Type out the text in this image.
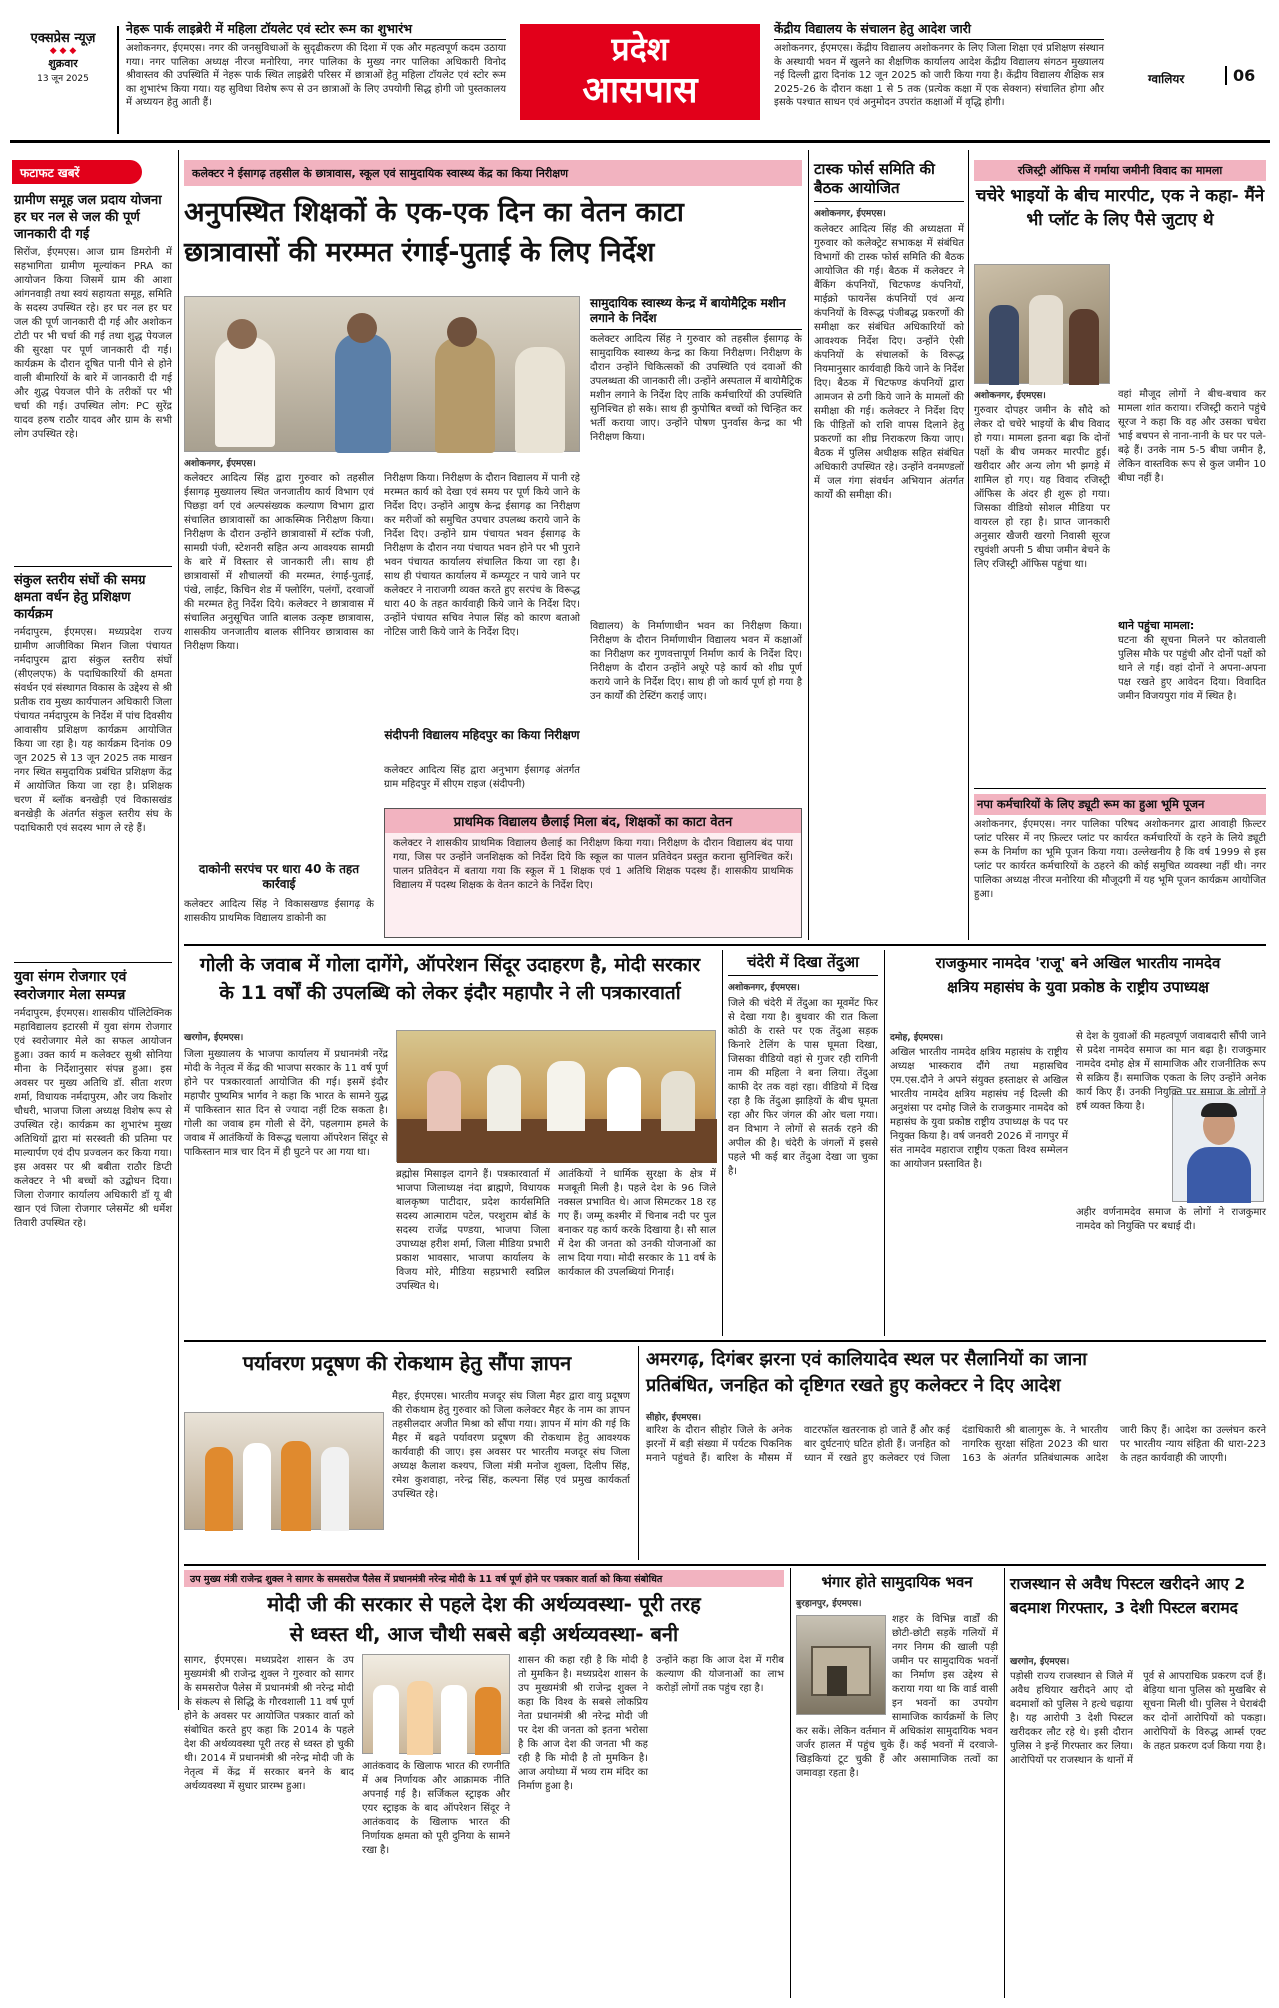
एक्सप्रेस न्यूज़
◆ ◆ ◆
शुक्रवार
13 जून 2025
नेहरू पार्क लाइब्रेरी में महिला टॉयलेट एवं स्टोर रूम का शुभारंभ
अशोकनगर, ईएमएस। नगर की जनसुविधाओं के सुदृढीकरण की दिशा में एक और महत्वपूर्ण कदम उठाया गया। नगर पालिका अध्यक्ष नीरज मनोरिया, नगर पालिका के मुख्य नगर पालिका अधिकारी विनोद श्रीवास्तव की उपस्थिति में नेहरू पार्क स्थित लाइब्रेरी परिसर में छात्राओं हेतु महिला टॉयलेट एवं स्टोर रूम का शुभारंभ किया गया। यह सुविधा विशेष रूप से उन छात्राओं के लिए उपयोगी सिद्ध होगी जो पुस्तकालय में अध्ययन हेतु आती हैं।
प्रदेश
आसपास
केंद्रीय विद्यालय के संचालन हेतु आदेश जारी
अशोकनगर, ईएमएस। केंद्रीय विद्यालय अशोकनगर के लिए जिला शिक्षा एवं प्रशिक्षण संस्थान के अस्थायी भवन में खुलने का शैक्षणिक कार्यालय आदेश केंद्रीय विद्यालय संगठन मुख्यालय नई दिल्ली द्वारा दिनांक 12 जून 2025 को जारी किया गया है। केंद्रीय विद्यालय शैक्षिक सत्र 2025-26 के दौरान कक्षा 1 से 5 तक (प्रत्येक कक्षा में एक सेक्शन) संचालित होगा और इसके पश्चात साधन एवं अनुमोदन उपरांत कक्षाओं में वृद्धि होगी।
ग्वालियर	06
फटाफट खबरें
ग्रामीण समूह जल प्रदाय योजना हर घर नल से जल की पूर्ण जानकारी दी गई
सिरोंज, ईएमएस। आज ग्राम डिमरोनी में सहभागिता ग्रामीण मूल्यांकन PRA का आयोजन किया जिसमें ग्राम की आशा आंगनवाड़ी तथा स्वयं सहायता समूह, समिति के सदस्य उपस्थित रहे। हर घर नल हर घर जल की पूर्ण जानकारी दी गई और अशोकन टोटी पर भी चर्चा की गई तथा शुद्ध पेयजल की सुरक्षा पर पूर्ण जानकारी दी गई। कार्यक्रम के दौरान दूषित पानी पीने से होने वाली बीमारियों के बारे में जानकारी दी गई और शुद्ध पेयजल पीने के तरीकों पर भी चर्चा की गई। उपस्थित लोग: PC सुरेंद्र यादव हरुष राठौर यादव और ग्राम के सभी लोग उपस्थित रहे।
संकुल स्तरीय संघों की समग्र क्षमता वर्धन हेतु प्रशिक्षण कार्यक्रम
नर्मदापुरम, ईएमएस। मध्यप्रदेश राज्य ग्रामीण आजीविका मिशन जिला पंचायत नर्मदापुरम द्वारा संकुल स्तरीय संघों (सीएलएफ) के पदाधिकारियों की क्षमता संवर्धन एवं संस्थागत विकास के उद्देश्य से श्री प्रतीक राव मुख्य कार्यपालन अधिकारी जिला पंचायत नर्मदापुरम के निर्देश में पांच दिवसीय आवासीय प्रशिक्षण कार्यक्रम आयोजित किया जा रहा है। यह कार्यक्रम दिनांक 09 जून 2025 से 13 जून 2025 तक माखन नगर स्थित समुदायिक प्रबंधित प्रशिक्षण केंद्र में आयोजित किया जा रहा है। प्रशिक्षक चरण में ब्लॉक बनखेड़ी एवं विकासखंड बनखेड़ी के अंतर्गत संकुल स्तरीय संघ के पदाधिकारी एवं सदस्य भाग ले रहे हैं।
युवा संगम रोजगार एवं स्वरोजगार मेला सम्पन्न
नर्मदापुरम, ईएमएस। शासकीय पॉलिटेक्निक महाविद्यालय इटारसी में युवा संगम रोजगार एवं स्वरोजगार मेले का सफल आयोजन हुआ। उक्त कार्य म कलेक्टर सुश्री सोनिया मीना के निर्देशानुसार संपन्न हुआ। इस अवसर पर मुख्य अतिथि डॉ. सीता शरण शर्मा, विधायक नर्मदापुरम, और जय किशोर चौधरी, भाजपा जिला अध्यक्ष विशेष रूप से उपस्थित रहे। कार्यक्रम का शुभारंभ मुख्य अतिथियों द्वारा मां सरस्वती की प्रतिमा पर माल्यार्पण एवं दीप प्रज्वलन कर किया गया। इस अवसर पर श्री बबीता राठौर डिप्टी कलेक्टर ने भी बच्चों को उद्बोधन दिया। जिला रोजगार कार्यालय अधिकारी डॉ यू बी खान एवं जिला रोजगार प्लेसमेंट श्री धर्मेश तिवारी उपस्थित रहे।
कलेक्टर ने ईसागढ़ तहसील के छात्रावास, स्कूल एवं सामुदायिक स्वास्थ्य केंद्र का किया निरीक्षण
अनुपस्थित शिक्षकों के एक-एक दिन का वेतन काटा
छात्रावासों की मरम्मत रंगाई-पुताई के लिए निर्देश
अशोकनगर, ईएमएस।
सामुदायिक स्वास्थ्य केन्द्र में बायोमैट्रिक मशीन लगाने के निर्देश
कलेक्टर आदित्य सिंह ने गुरुवार को तहसील ईसागढ़ के सामुदायिक स्वास्थ्य केन्द्र का किया निरीक्षण। निरीक्षण के दौरान उन्होंने चिकित्सकों की उपस्थिति एवं दवाओं की उपलब्धता की जानकारी ली। उन्होंने अस्पताल में बायोमैट्रिक मशीन लगाने के निर्देश दिए ताकि कर्मचारियों की उपस्थिति सुनिश्चित हो सके। साथ ही कुपोषित बच्चों को चिन्हित कर भर्ती कराया जाए। उन्होंने पोषण पुनर्वास केन्द्र का भी निरीक्षण किया।
कलेक्टर आदित्य सिंह द्वारा गुरुवार को तहसील ईसागढ़ मुख्यालय स्थित जनजातीय कार्य विभाग एवं पिछड़ा वर्ग एवं अल्पसंख्यक कल्याण विभाग द्वारा संचालित छात्रावासों का आकस्मिक निरीक्षण किया। निरीक्षण के दौरान उन्होंने छात्रावासों में स्टॉक पंजी, सामग्री पंजी, स्टेशनरी सहित अन्य आवश्यक सामग्री के बारे में विस्तार से जानकारी ली। साथ ही छात्रावासों में शौचालयों की मरम्मत, रंगाई-पुताई, पंखे, लाईट, किचिन शेड में फ्लोरिंग, पलंगों, दरवाजों की मरम्मत हेतु निर्देश दिये। कलेक्टर ने छात्रावास में संचालित अनुसूचित जाति बालक उत्कृष्ट छात्रावास, शासकीय जनजातीय बालक सीनियर छात्रावास का निरीक्षण किया।
निरीक्षण किया। निरीक्षण के दौरान विद्यालय में पानी रहे मरम्मत कार्य को देखा एवं समय पर पूर्ण किये जाने के निर्देश दिए। उन्होंने आयुष केन्द्र ईसागढ़ का निरीक्षण कर मरीजों को समुचित उपचार उपलब्ध कराये जाने के निर्देश दिए। उन्होंने ग्राम पंचायत भवन ईसागढ़ के निरीक्षण के दौरान नया पंचायत भवन होने पर भी पुराने भवन पंचायत कार्यालय संचालित किया जा रहा है। साथ ही पंचायत कार्यालय में कम्प्यूटर न पाये जाने पर कलेक्टर ने नाराजगी व्यक्त करते हुए सरपंच के विरूद्ध धारा 40 के तहत कार्यवाही किये जाने के निर्देश दिए। उन्होंने पंचायत सचिव नेपाल सिंह को कारण बताओ नोटिस जारी किये जाने के निर्देश दिए।
संदीपनी विद्यालय महिदपुर का किया निरीक्षण
कलेक्टर आदित्य सिंह द्वारा अनुभाग ईसागढ़ अंतर्गत ग्राम महिदपुर में सीएम राइज (संदीपनी)
विद्यालय) के निर्माणाधीन भवन का निरीक्षण किया। निरीक्षण के दौरान निर्माणाधीन विद्यालय भवन में कक्षाओं का निरीक्षण कर गुणवत्तापूर्ण निर्माण कार्य के निर्देश दिए। निरीक्षण के दौरान उन्होंने अधूरे पड़े कार्य को शीघ्र पूर्ण कराये जाने के निर्देश दिए। साथ ही जो कार्य पूर्ण हो गया है उन कार्यों की टेस्टिंग कराई जाए।
प्राथमिक विद्यालय छैलाई मिला बंद, शिक्षकों का काटा वेतन
कलेक्टर ने शासकीय प्राथमिक विद्यालय छैलाई का निरीक्षण किया गया। निरीक्षण के दौरान विद्यालय बंद पाया गया, जिस पर उन्होंने जनशिक्षक को निर्देश दिये कि स्कूल का पालन प्रतिवेदन प्रस्तुत कराना सुनिश्चित करें। पालन प्रतिवेदन में बताया गया कि स्कूल में 1 शिक्षक एवं 1 अतिथि शिक्षक पदस्थ हैं। शासकीय प्राथमिक विद्यालय में पदस्थ शिक्षक के वेतन काटने के निर्देश दिए।
दाकोनी सरपंच पर धारा 40 के तहत कार्रवाई
कलेक्टर आदित्य सिंह ने विकासखण्ड ईसागढ़ के शासकीय प्राथमिक विद्यालय डाकोनी का
टास्क फोर्स समिति की बैठक आयोजित
अशोकनगर, ईएमएस।
कलेक्टर आदित्य सिंह की अध्यक्षता में गुरुवार को कलेक्ट्रेट सभाकक्ष में संबंधित विभागों की टास्क फोर्स समिति की बैठक आयोजित की गई। बैठक में कलेक्टर ने बैंकिंग कंपनियों, चिटफण्ड कंपनियों, माईक्रो फायनेंस कंपनियों एवं अन्य कंपनियों के विरूद्ध पंजीबद्ध प्रकरणों की समीक्षा कर संबंधित अधिकारियों को आवश्यक निर्देश दिए। उन्होंने ऐसी कंपनियों के संचालकों के विरूद्ध नियमानुसार कार्यवाही किये जाने के निर्देश दिए। बैठक में चिटफण्ड कंपनियों द्वारा आमजन से ठगी किये जाने के मामलों की समीक्षा की गई। कलेक्टर ने निर्देश दिए कि पीड़ितों को राशि वापस दिलाने हेतु प्रकरणों का शीघ्र निराकरण किया जाए। बैठक में पुलिस अधीक्षक सहित संबंधित अधिकारी उपस्थित रहे। उन्होंने वनमण्डलों में जल गंगा संवर्धन अभियान अंतर्गत कार्यों की समीक्षा की।
रजिस्ट्री ऑफिस में गर्माया जमीनी विवाद का मामला
चचेरे भाइयों के बीच मारपीट, एक ने कहा- मैंने भी प्लॉट के लिए पैसे जुटाए थे
अशोकनगर, ईएमएस।
गुरुवार दोपहर जमीन के सौदे को लेकर दो चचेरे भाइयों के बीच विवाद हो गया। मामला इतना बढ़ा कि दोनों पक्षों के बीच जमकर मारपीट हुई। खरीदार और अन्य लोग भी झगड़े में शामिल हो गए। यह विवाद रजिस्ट्री ऑफिस के अंदर ही शुरू हो गया। जिसका वीडियो सोशल मीडिया पर वायरल हो रहा है। प्राप्त जानकारी अनुसार खैजरी खरगो निवासी सूरज रघुवंशी अपनी 5 बीघा जमीन बेचने के लिए रजिस्ट्री ऑफिस पहुंचा था।
वहां मौजूद लोगों ने बीच-बचाव कर मामला शांत कराया। रजिस्ट्री कराने पहुंचे सूरज ने कहा कि वह और उसका चचेरा भाई बचपन से नाना-नानी के घर पर पले-बढ़े हैं। उनके नाम 5-5 बीघा जमीन है, लेकिन वास्तविक रूप से कुल जमीन 10 बीघा नहीं है।
थाने पहुंचा मामला:
घटना की सूचना मिलने पर कोतवाली पुलिस मौके पर पहुंची और दोनों पक्षों को थाने ले गई। वहां दोनों ने अपना-अपना पक्ष रखते हुए आवेदन दिया। विवादित जमीन विजयपुरा गांव में स्थित है।
नपा कर्मचारियों के लिए ड्यूटी रूम का हुआ भूमि पूजन
अशोकनगर, ईएमएस। नगर पालिका परिषद अशोकनगर द्वारा आवाही फ़िल्टर प्लांट परिसर में नए फ़िल्टर प्लांट पर कार्यरत कर्मचारियों के रहने के लिये ड्यूटी रूम के निर्माण का भूमि पूजन किया गया। उल्लेखनीय है कि वर्ष 1999 से इस प्लांट पर कार्यरत कर्मचारियों के ठहरने की कोई समुचित व्यवस्था नहीं थी। नगर पालिका अध्यक्ष नीरज मनोरिया की मौजूदगी में यह भूमि पूजन कार्यक्रम आयोजित हुआ।
गोली के जवाब में गोला दागेंगे, ऑपरेशन सिंदूर उदाहरण है, मोदी सरकार
के 11 वर्षों की उपलब्धि को लेकर इंदौर महापौर ने ली पत्रकारवार्ता
खरगोन, ईएमएस।
जिला मुख्यालय के भाजपा कार्यालय में प्रधानमंत्री नरेंद्र मोदी के नेतृत्व में केंद्र की भाजपा सरकार के 11 वर्ष पूर्ण होने पर पत्रकारवार्ता आयोजित की गई। इसमें इंदौर महापौर पुष्यमित्र भार्गव ने कहा कि भारत के सामने युद्ध में पाकिस्तान सात दिन से ज्यादा नहीं टिक सकता है। गोली का जवाब हम गोली से देंगे, पहलगाम हमले के जवाब में आतंकियों के विरूद्ध चलाया ऑपरेशन सिंदूर से पाकिस्तान मात्र चार दिन में ही घुटने पर आ गया था।
ब्रह्मोस मिसाइल दागने हैं। पत्रकारवार्ता में भाजपा जिलाध्यक्ष नंदा ब्राह्मणे, विधायक बालकृष्ण पाटीदार, प्रदेश कार्यसमिति सदस्य आत्माराम पटेल, परशुराम बोर्ड के सदस्य राजेंद्र पण्डया, भाजपा जिला उपाध्यक्ष हरीश शर्मा, जिला मीडिया प्रभारी प्रकाश भावसार, भाजपा कार्यालय के विजय मोरे, मीडिया सहप्रभारी स्वप्निल उपस्थित थे।
आतंकियों ने धार्मिक सुरक्षा के क्षेत्र में मजबूती मिली है। पहले देश के 96 जिले नक्सल प्रभावित थे। आज सिमटकर 18 रह गए हैं। जम्मू कश्मीर में चिनाब नदी पर पुल बनाकर यह कार्य करके दिखाया है। सौ साल में देश की जनता को उनकी योजनाओं का लाभ दिया गया। मोदी सरकार के 11 वर्ष के कार्यकाल की उपलब्धियां गिनाईं।
चंदेरी में दिखा तेंदुआ
अशोकनगर, ईएमएस।
जिले की चंदेरी में तेंदुआ का मूवमेंट फिर से देखा गया है। बुधवार की रात किला कोठी के रास्ते पर एक तेंदुआ सड़क किनारे टेलिंग के पास घूमता दिखा, जिसका वीडियो वहां से गुजर रही रागिनी नाम की महिला ने बना लिया। तेंदुआ काफी देर तक वहां रहा। वीडियो में दिख रहा है कि तेंदुआ झाड़ियों के बीच घूमता रहा और फिर जंगल की ओर चला गया। वन विभाग ने लोगों से सतर्क रहने की अपील की है। चंदेरी के जंगलों में इससे पहले भी कई बार तेंदुआ देखा जा चुका है।
राजकुमार नामदेव 'राजू' बने अखिल भारतीय नामदेव
क्षत्रिय महासंघ के युवा प्रकोष्ठ के राष्ट्रीय उपाध्यक्ष
दमोह, ईएमएस।
अखिल भारतीय नामदेव क्षत्रिय महासंघ के राष्ट्रीय अध्यक्ष भास्कराव दौंगे तथा महासचिव एम.एस.दौने ने अपने संयुक्त हस्ताक्षर से अखिल भारतीय नामदेव क्षत्रिय महासंघ नई दिल्ली की अनुशंसा पर दमोह जिले के राजकुमार नामदेव को महासंघ के युवा प्रकोष्ठ राष्ट्रीय उपाध्यक्ष के पद पर नियुक्त किया है। वर्ष जनवरी 2026 में नागपुर में संत नामदेव महाराज राष्ट्रीय एकता विश्व सम्मेलन का आयोजन प्रस्तावित है।
से देश के युवाओं की महत्वपूर्ण जवाबदारी सौंपी जाने से प्रदेश नामदेव समाज का मान बढ़ा है। राजकुमार नामदेव दमोह क्षेत्र में सामाजिक और राजनीतिक रूप से सक्रिय हैं। समाजिक एकता के लिए उन्होंने अनेक कार्य किए हैं। उनकी नियुक्ति पर समाज के लोगों ने हर्ष व्यक्त किया है।
अहीर वर्णनामदेव समाज के लोगों ने राजकुमार नामदेव को नियुक्ति पर बधाई दी।
पर्यावरण प्रदूषण की रोकथाम हेतु सौंपा ज्ञापन
मैहर, ईएमएस। भारतीय मजदूर संघ जिला मैहर द्वारा वायु प्रदूषण की रोकथाम हेतु गुरुवार को जिला कलेक्टर मैहर के नाम का ज्ञापन तहसीलदार अजीत मिश्रा को सौंपा गया। ज्ञापन में मांग की गई कि मैहर में बढ़ते पर्यावरण प्रदूषण की रोकथाम हेतु आवश्यक कार्यवाही की जाए। इस अवसर पर भारतीय मजदूर संघ जिला अध्यक्ष कैलाश कश्यप, जिला मंत्री मनोज शुक्ला, दिलीप सिंह, रमेश कुशवाहा, नरेन्द्र सिंह, कल्पना सिंह एवं प्रमुख कार्यकर्ता उपस्थित रहे।
अमरगढ़, दिगंबर झरना एवं कालियादेव स्थल पर सैलानियों का जाना
प्रतिबंधित, जनहित को दृष्टिगत रखते हुए कलेक्टर ने दिए आदेश
सीहोर, ईएमएस।
बारिश के दौरान सीहोर जिले के अनेक झरनों में बड़ी संख्या में पर्यटक पिकनिक मनाने पहुंचते हैं। बारिश के मौसम में वाटरफॉल खतरनाक हो जाते हैं और कई बार दुर्घटनाएं घटित होती हैं। जनहित को ध्यान में रखते हुए कलेक्टर एवं जिला दंडाधिकारी श्री बालागुरू के. ने भारतीय नागरिक सुरक्षा संहिता 2023 की धारा 163 के अंतर्गत प्रतिबंधात्मक आदेश जारी किए हैं। आदेश का उल्लंघन करने पर भारतीय न्याय संहिता की धारा-223 के तहत कार्यवाही की जाएगी।
उप मुख्य मंत्री राजेन्द्र शुक्ल ने सागर के समसरोज पैलेस में प्रधानमंत्री नरेन्द्र मोदी के 11 वर्ष पूर्ण होने पर पत्रकार वार्ता को किया संबोधित
मोदी जी की सरकार से पहले देश की अर्थव्यवस्था- पूरी तरह
से ध्वस्त थी, आज चौथी सबसे बड़ी अर्थव्यवस्था- बनी
सागर, ईएमएस। मध्यप्रदेश शासन के उप मुख्यमंत्री श्री राजेन्द्र शुक्ल ने गुरुवार को सागर के समसरोज पैलेस में प्रधानमंत्री श्री नरेन्द्र मोदी के संकल्प से सिद्धि के गौरवशाली 11 वर्ष पूर्ण होने के अवसर पर आयोजित पत्रकार वार्ता को संबोधित करते हुए कहा कि 2014 के पहले देश की अर्थव्यवस्था पूरी तरह से ध्वस्त हो चुकी थी। 2014 में प्रधानमंत्री श्री नरेन्द्र मोदी जी के नेतृत्व में केंद्र में सरकार बनने के बाद अर्थव्यवस्था में सुधार प्रारम्भ हुआ।
शासन की कहा रही है कि मोदी है तो मुमकिन है। मध्यप्रदेश शासन के उप मुख्यमंत्री श्री राजेन्द्र शुक्ल ने कहा कि विश्व के सबसे लोकप्रिय नेता प्रधानमंत्री श्री नरेन्द्र मोदी जी पर देश की जनता को इतना भरोसा है कि आज देश की जनता भी कह रही है कि मोदी है तो मुमकिन है। आज अयोध्या में भव्य राम मंदिर का निर्माण हुआ है।
आतंकवाद के खिलाफ भारत की रणनीति में अब निर्णायक और आक्रामक नीति अपनाई गई है। सर्जिकल स्ट्राइक और एयर स्ट्राइक के बाद ऑपरेशन सिंदूर ने आतंकवाद के खिलाफ भारत की निर्णायक क्षमता को पूरी दुनिया के सामने रखा है।
उन्होंने कहा कि आज देश में गरीब कल्याण की योजनाओं का लाभ करोड़ों लोगों तक पहुंच रहा है।
भंगार होते सामुदायिक भवन
बुरहानपुर, ईएमएस।
शहर के विभिन्न वार्डों की छोटी-छोटी सड़कें गलियों में नगर निगम की खाली पड़ी जमीन पर सामुदायिक भवनों का निर्माण इस उद्देश्य से कराया गया था कि वार्ड वासी इन भवनों का उपयोग सामाजिक कार्यक्रमों के लिए कर सकें। लेकिन वर्तमान में अधिकांश सामुदायिक भवन जर्जर हालत में पहुंच चुके हैं। कई भवनों में दरवाजे-खिड़कियां टूट चुकी हैं और असामाजिक तत्वों का जमावड़ा रहता है।
राजस्थान से अवैध पिस्टल खरीदने आए 2 बदमाश गिरफ्तार, 3 देशी पिस्टल बरामद
खरगोन, ईएमएस।
पड़ोसी राज्य राजस्थान से जिले में अवैध हथियार खरीदने आए दो बदमाशों को पुलिस ने हत्थे चढ़ाया है। यह आरोपी 3 देशी पिस्टल खरीदकर लौट रहे थे। इसी दौरान पुलिस ने इन्हें गिरफ्तार कर लिया। आरोपियों पर राजस्थान के थानों में पूर्व से आपराधिक प्रकरण दर्ज हैं। बेड़िया थाना पुलिस को मुखबिर से सूचना मिली थी। पुलिस ने घेराबंदी कर दोनों आरोपियों को पकड़ा। आरोपियों के विरुद्ध आर्म्स एक्ट के तहत प्रकरण दर्ज किया गया है।
